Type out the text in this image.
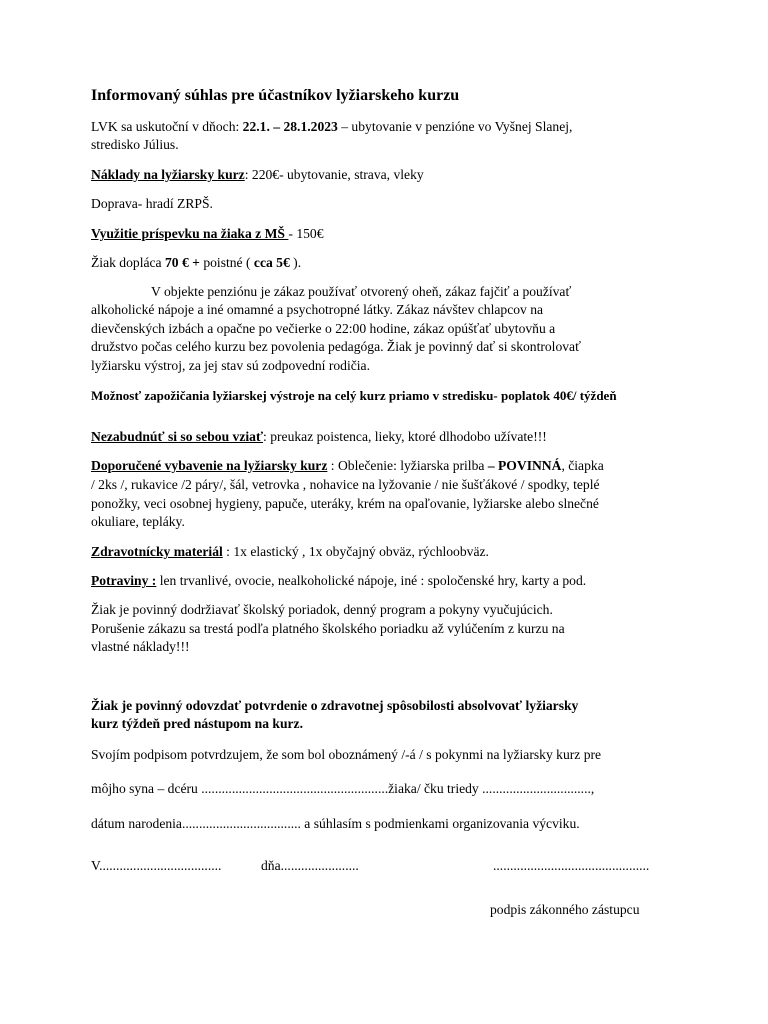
Informovaný súhlas pre účastníkov lyžiarskeho kurzu
LVK sa uskutoční v dňoch: 22.1. – 28.1.2023 – ubytovanie v penzióne vo Vyšnej Slanej,
stredisko Július.
Náklady na lyžiarsky kurz: 220€- ubytovanie, strava, vleky
Doprava- hradí ZRPŠ.
Využitie príspevku na žiaka z MŠ - 150€
Žiak dopláca 70 € + poistné ( cca 5€ ).
V objekte penziónu je zákaz používať otvorený oheň, zákaz fajčiť a používať
alkoholické nápoje a iné omamné a psychotropné látky. Zákaz návštev chlapcov na
dievčenských izbách a opačne po večierke o 22:00 hodine, zákaz opúšťať ubytovňu a
družstvo počas celého kurzu bez povolenia pedagóga. Žiak je povinný dať si skontrolovať
lyžiarsku výstroj, za jej stav sú zodpovední rodičia.
Možnosť zapožičania lyžiarskej výstroje na celý kurz priamo v stredisku- poplatok 40€/ týždeň
Nezabudnúť si so sebou vziať: preukaz poistenca, lieky, ktoré dlhodobo užívate!!!
Doporučené vybavenie na lyžiarsky kurz : Oblečenie: lyžiarska prilba – POVINNÁ, čiapka
/ 2ks /, rukavice /2 páry/, šál, vetrovka , nohavice na lyžovanie / nie šušťákové / spodky, teplé
ponožky, veci osobnej hygieny, papuče, uteráky, krém na opaľovanie, lyžiarske alebo slnečné
okuliare, tepláky.
Zdravotnícky materiál : 1x elastický , 1x obyčajný obväz, rýchloobväz.
Potraviny : len trvanlivé, ovocie, nealkoholické nápoje, iné : spoločenské hry, karty a pod.
Žiak je povinný dodržiavať školský poriadok, denný program a pokyny vyučujúcich.
Porušenie zákazu sa trestá podľa platného školského poriadku až vylúčením z kurzu na
vlastné náklady!!!
Žiak je povinný odovzdať potvrdenie o zdravotnej spôsobilosti absolvovať lyžiarsky
kurz týždeň pred nástupom na kurz.
Svojím podpisom potvrdzujem, že som bol oboznámený /-á / s pokynmi na lyžiarsky kurz pre
môjho syna – dcéru .......................................................žiaka/ čku triedy ................................,
dátum narodenia................................... a súhlasím s podmienkami organizovania výcviku.
V....................................	dňa.......................	..............................................
podpis zákonného zástupcu
